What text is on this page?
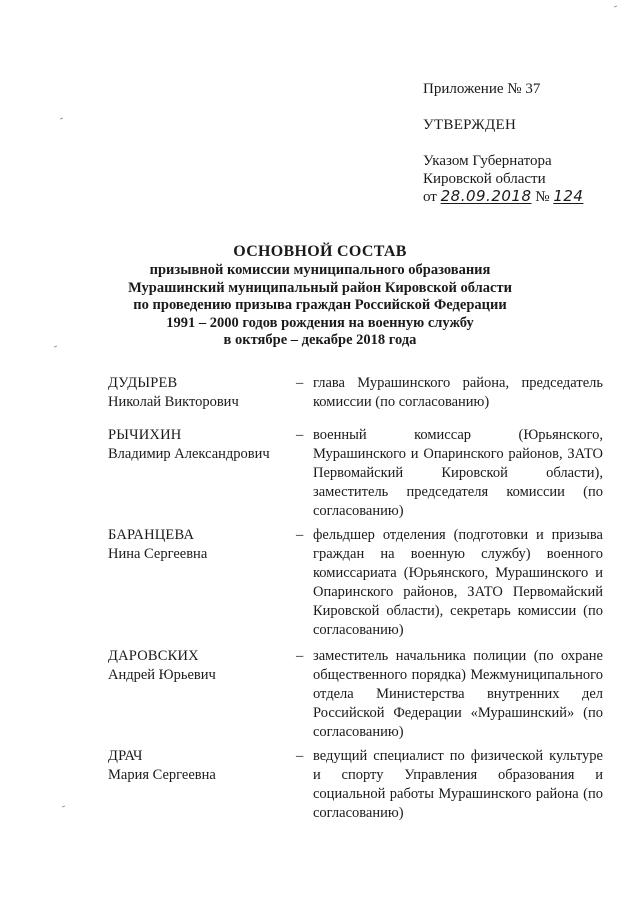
Приложение № 37
УТВЕРЖДЕН
Указом Губернатора
Кировской области
от 28.09.2018 № 124
ОСНОВНОЙ СОСТАВ
призывной комиссии муниципального образования
Мурашинский муниципальный район Кировской области
по проведению призыва граждан Российской Федерации
1991 – 2000 годов рождения на военную службу
в октябре – декабре 2018 года
ДУДЫРЕВ
Николай Викторович
– глава Мурашинского района, председатель комиссии (по согласованию)
РЫЧИХИН
Владимир Александрович
– военный комиссар (Юрьянского, Мурашинского и Опаринского районов, ЗАТО Первомайский Кировской области), заместитель председателя комиссии (по согласованию)
БАРАНЦЕВА
Нина Сергеевна
– фельдшер отделения (подготовки и призыва граждан на военную службу) военного комиссариата (Юрьянского, Мурашинского и Опаринского районов, ЗАТО Первомайский Кировской области), секретарь комиссии (по согласованию)
ДАРОВСКИХ
Андрей Юрьевич
– заместитель начальника полиции (по охране общественного порядка) Межмуниципального отдела Министерства внутренних дел Российской Федерации «Мурашинский» (по согласованию)
ДРАЧ
Мария Сергеевна
– ведущий специалист по физической культуре и спорту Управления образования и социальной работы Мурашинского района (по согласованию)
